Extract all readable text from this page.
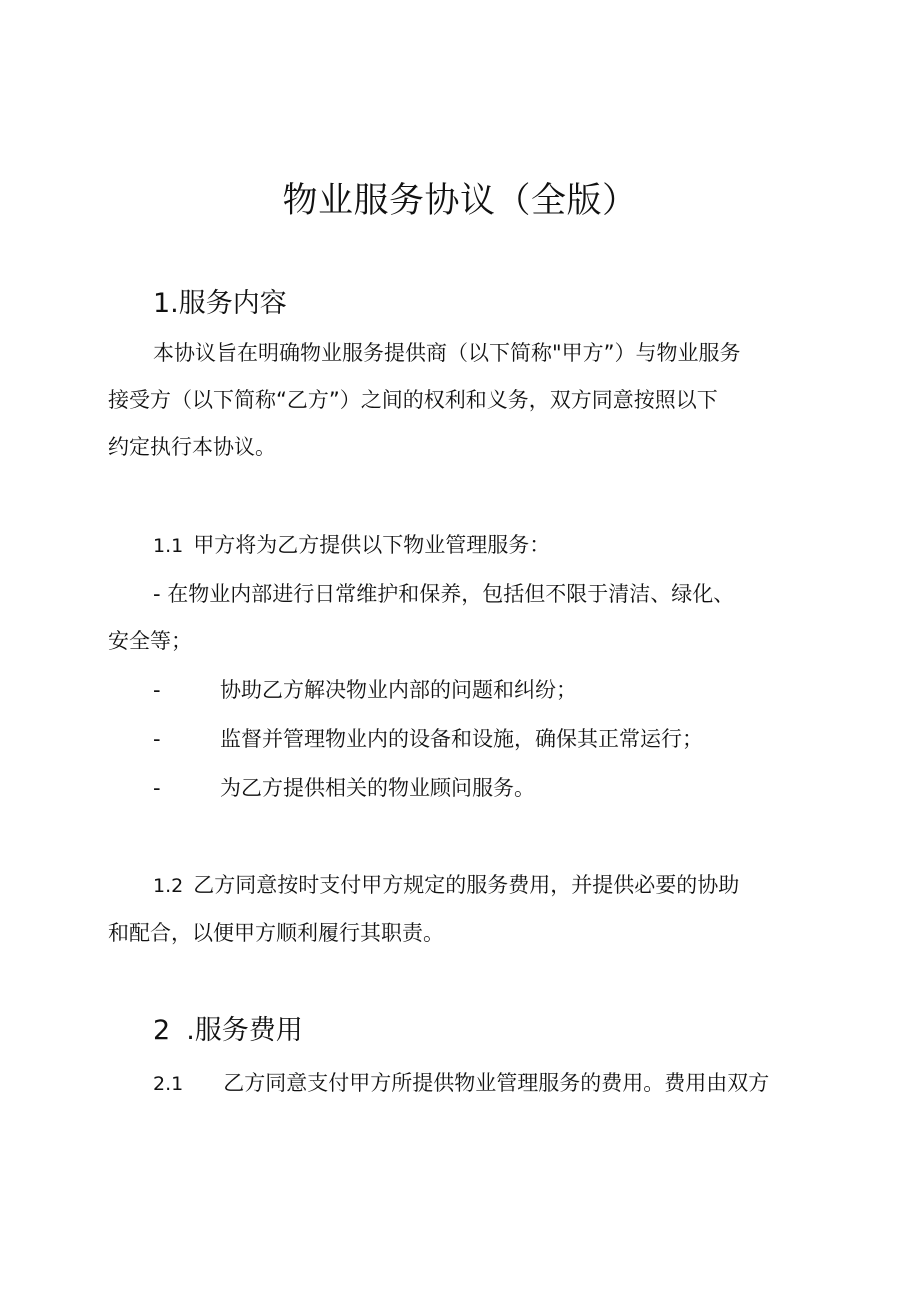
物业服务协议（全版）
1.服务内容
本协议旨在明确物业服务提供商（以下简称"甲方”）与物业服务
接受方（以下简称“乙方”）之间的权利和义务，双方同意按照以下
约定执行本协议。
1.1 甲方将为乙方提供以下物业管理服务：
- 在物业内部进行日常维护和保养，包括但不限于清洁、绿化、
安全等；
-	协助乙方解决物业内部的问题和纠纷；
-	监督并管理物业内的设备和设施，确保其正常运行；
-	为乙方提供相关的物业顾问服务。
1.2 乙方同意按时支付甲方规定的服务费用，并提供必要的协助
和配合，以便甲方顺利履行其职责。
2 .服务费用
2.1 乙方同意支付甲方所提供物业管理服务的费用。费用由双方
